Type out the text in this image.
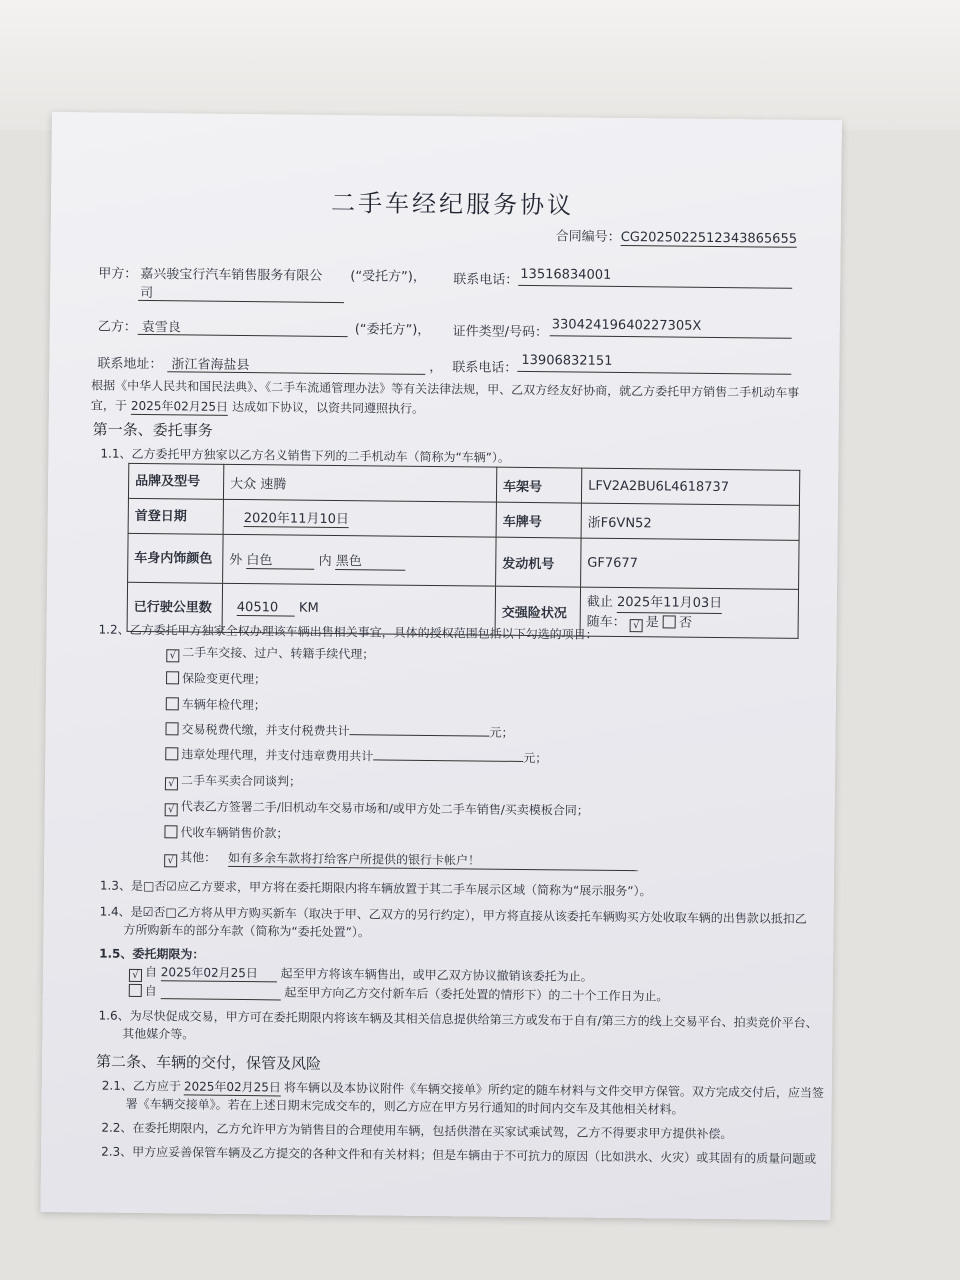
二手车经纪服务协议
合同编号：CG2025022512343865655
甲方： 嘉兴骏宝行汽车销售服务有限公
司
(“受托方”)， 联系电话： 13516834001
乙方： 袁雪良	(“委托方”)， 证件类型/号码： 33042419640227305X
联系地址： 浙江省海盐县	， 联系电话： 13906832151
根据《中华人民共和国民法典》、《二手车流通管理办法》等有关法律法规，甲、乙双方经友好协商，就乙方委托甲方销售二手机动车事
宜，于 2025年02月25日 达成如下协议，以资共同遵照执行。
第一条、委托事务
1.1、乙方委托甲方独家以乙方名义销售下列的二手机动车（简称为“车辆”）。
品牌及型号	大众 速腾	车架号	LFV2A2BU6L4618737
首登日期	2020年11月10日	车牌号	浙F6VN52
车身内饰颜色	外 白色 内 黑色	发动机号	GF7677
已行驶公里数	40510 KM	交强险状况	截止 2025年11月03日
随车： √ 是 否
1.2、乙方委托甲方独家全权办理该车辆出售相关事宜，具体的授权范围包括以下勾选的项目：
√ 二手车交接、过户、转籍手续代理；
保险变更代理；
车辆年检代理；
交易税费代缴，并支付税费共计	元；
违章处理代理，并支付违章费用共计	元；
√ 二手车买卖合同谈判；
√ 代表乙方签署二手/旧机动车交易市场和/或甲方处二手车销售/买卖模板合同；
代收车辆销售价款；
√ 其他： 如有多余车款将打给客户所提供的银行卡帐户！
1.3、是□否☑应乙方要求，甲方将在委托期限内将车辆放置于其二手车展示区域（简称为“展示服务”）。
1.4、是☑否□乙方将从甲方购买新车（取决于甲、乙双方的另行约定），甲方将直接从该委托车辆购买方处收取车辆的出售款以抵扣乙
方所购新车的部分车款（简称为“委托处置”）。
1.5、委托期限为：
√ 自 2025年02月25日 起至甲方将该车辆售出，或甲乙双方协议撤销该委托为止。
自	起至甲方向乙方交付新车后（委托处置的情形下）的二十个工作日为止。
1.6、为尽快促成交易，甲方可在委托期限内将该车辆及其相关信息提供给第三方或发布于自有/第三方的线上交易平台、拍卖竞价平台、
其他媒介等。
第二条、车辆的交付，保管及风险
2.1、乙方应于 2025年02月25日 将车辆以及本协议附件《车辆交接单》所约定的随车材料与文件交甲方保管。双方完成交付后，应当签
署《车辆交接单》。若在上述日期末完成交车的，则乙方应在甲方另行通知的时间内交车及其他相关材料。
2.2、在委托期限内，乙方允许甲方为销售目的合理使用车辆，包括供潜在买家试乘试驾，乙方不得要求甲方提供补偿。
2.3、甲方应妥善保管车辆及乙方提交的各种文件和有关材料；但是车辆由于不可抗力的原因（比如洪水、火灾）或其固有的质量问题或
